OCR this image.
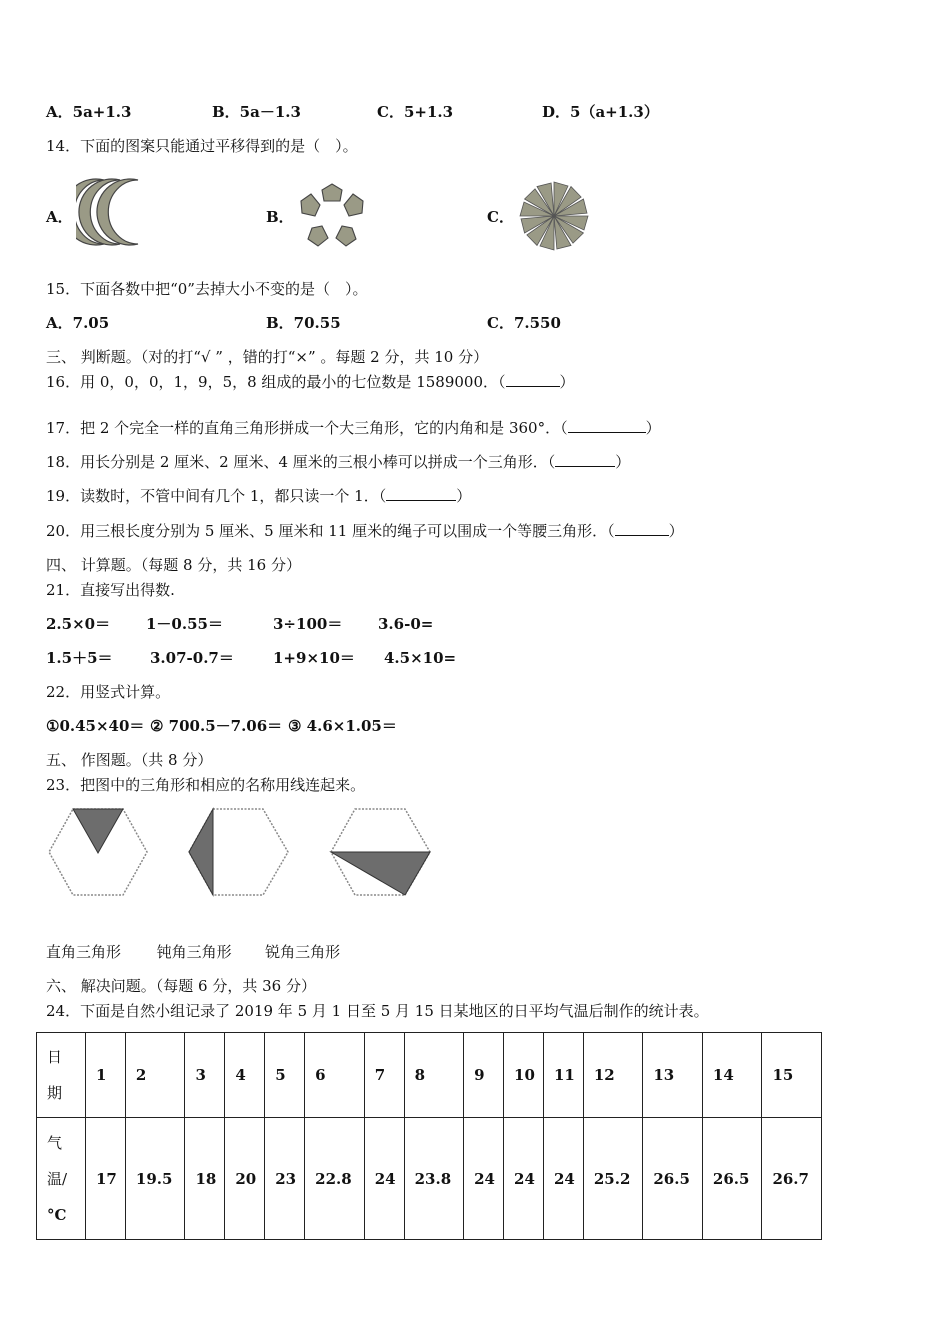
A．5a+1.3	B．5a－1.3	C．5+1.3	D．5（a+1.3）
14．下面的图案只能通过平移得到的是（　）。
A．	B．	C．
15．下面各数中把“0”去掉大小不变的是（　）。
A．7.05	B．70.55	C．7.550
三、 判断题。（对的打“√ ” ，错的打“×” 。每题 2 分，共 10 分）
16．用 0，0，0，1，9，5，8 组成的最小的七位数是 1589000．（	）
17．把 2 个完全一样的直角三角形拼成一个大三角形，它的内角和是 360°．（	）
18．用长分别是 2 厘米、2 厘米、4 厘米的三根小棒可以拼成一个三角形．（	）
19．读数时，不管中间有几个 1，都只读一个 1．（	）
20．用三根长度分别为 5 厘米、5 厘米和 11 厘米的绳子可以围成一个等腰三角形．（	）
四、 计算题。（每题 8 分，共 16 分）
21．直接写出得数.
2.5×0＝ 1－0.55＝	3÷100＝ 3.6-0=
1.5＋5＝ 3.07-0.7＝	1+9×10＝ 4.5×10=
22．用竖式计算。
①0.45×40＝ ② 700.5－7.06＝ ③ 4.6×1.05＝
五、 作图题。（共 8 分）
23．把图中的三角形和相应的名称用线连起来。
直角三角形 钝角三角形 锐角三角形
六、 解决问题。（每题 6 分，共 36 分）
24．下面是自然小组记录了 2019 年 5 月 1 日至 5 月 15 日某地区的日平均气温后制作的统计表。
日
期	1	2	3	4	5	6	7	8	9	10	11	12	13	14	15
气
温/
°C	17	19.5	18	20	23	22.8	24	23.8	24	24	24	25.2	26.5	26.5	26.7
